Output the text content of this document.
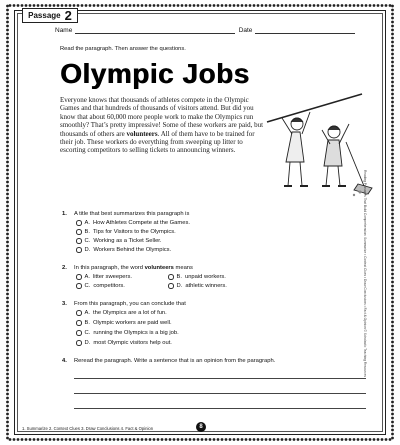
Passage 2
Name	Date
Read the paragraph. Then answer the questions.
Olympic Jobs
Everyone knows that thousands of athletes compete in the Olympic Games and that hundreds of thousands of visitors attend. But did you know that about 60,000 more people work to make the Olympics run smoothly? That’s pretty impressive! Some of these workers are paid, but thousands of others are volunteers. All of them have to be trained for their job. These workers do everything from sweeping up litter to escorting competitors to selling tickets to announcing winners.
1. A title that best summarizes this paragraph is
A. How Athletes Compete at the Games.
B. Tips for Visitors to the Olympics.
C. Working as a Ticket Seller.
D. Workers Behind the Olympics.
2. In this paragraph, the word volunteers means
A. litter sweepers.	B. unpaid workers.
C. competitors.	D. athletic winners.
3. From this paragraph, you can conclude that
A. the Olympics are a lot of fun.
B. Olympic workers are paid well.
C. running the Olympics is a big job.
D. most Olympic visitors help out.
4. Reread the paragraph. Write a sentence that is an opinion from the paragraph.	Reading Passages That Build Comprehension: Summarize • Context Clues • Draw Conclusions • Fact & Opinion © Scholastic Teaching Resources
1. Summarize 2. Context Clues 3. Draw Conclusions 4. Fact & Opinion	8
